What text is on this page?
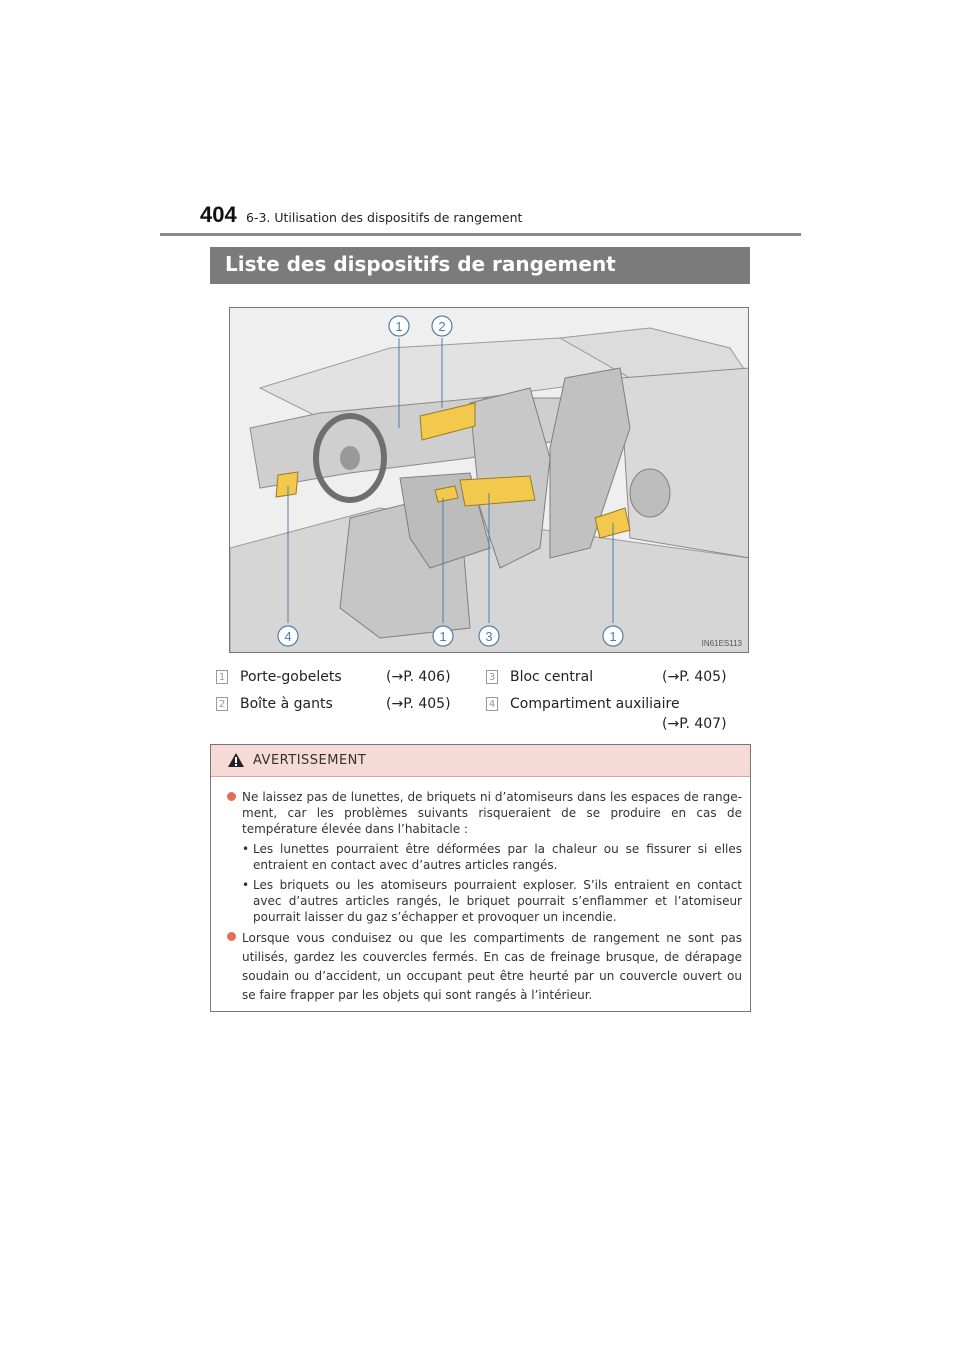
404 6-3. Utilisation des dispositifs de rangement
Liste des dispositifs de rangement
1	2
4	1	3	1	IN61ES113
1 Porte-gobelets	(→P. 406)
2 Boîte à gants	(→P. 405)
3 Bloc central	(→P. 405)
4 Compartiment auxiliaire
(→P. 407)
AVERTISSEMENT
Ne laissez pas de lunettes, de briquets ni d’atomiseurs dans les espaces de range-ment, car les problèmes suivants risqueraient de se produire en cas de température élevée dans l’habitacle :
• Les lunettes pourraient être déformées par la chaleur ou se fissurer si elles entraient en contact avec d’autres articles rangés.
• Les briquets ou les atomiseurs pourraient exploser. S’ils entraient en contact avec d’autres articles rangés, le briquet pourrait s’enflammer et l’atomiseur pourrait laisser du gaz s’échapper et provoquer un incendie.
Lorsque vous conduisez ou que les compartiments de rangement ne sont pas utilisés, gardez les couvercles fermés. En cas de freinage brusque, de dérapage soudain ou d’accident, un occupant peut être heurté par un couvercle ouvert ou se faire frapper par les objets qui sont rangés à l’intérieur.
